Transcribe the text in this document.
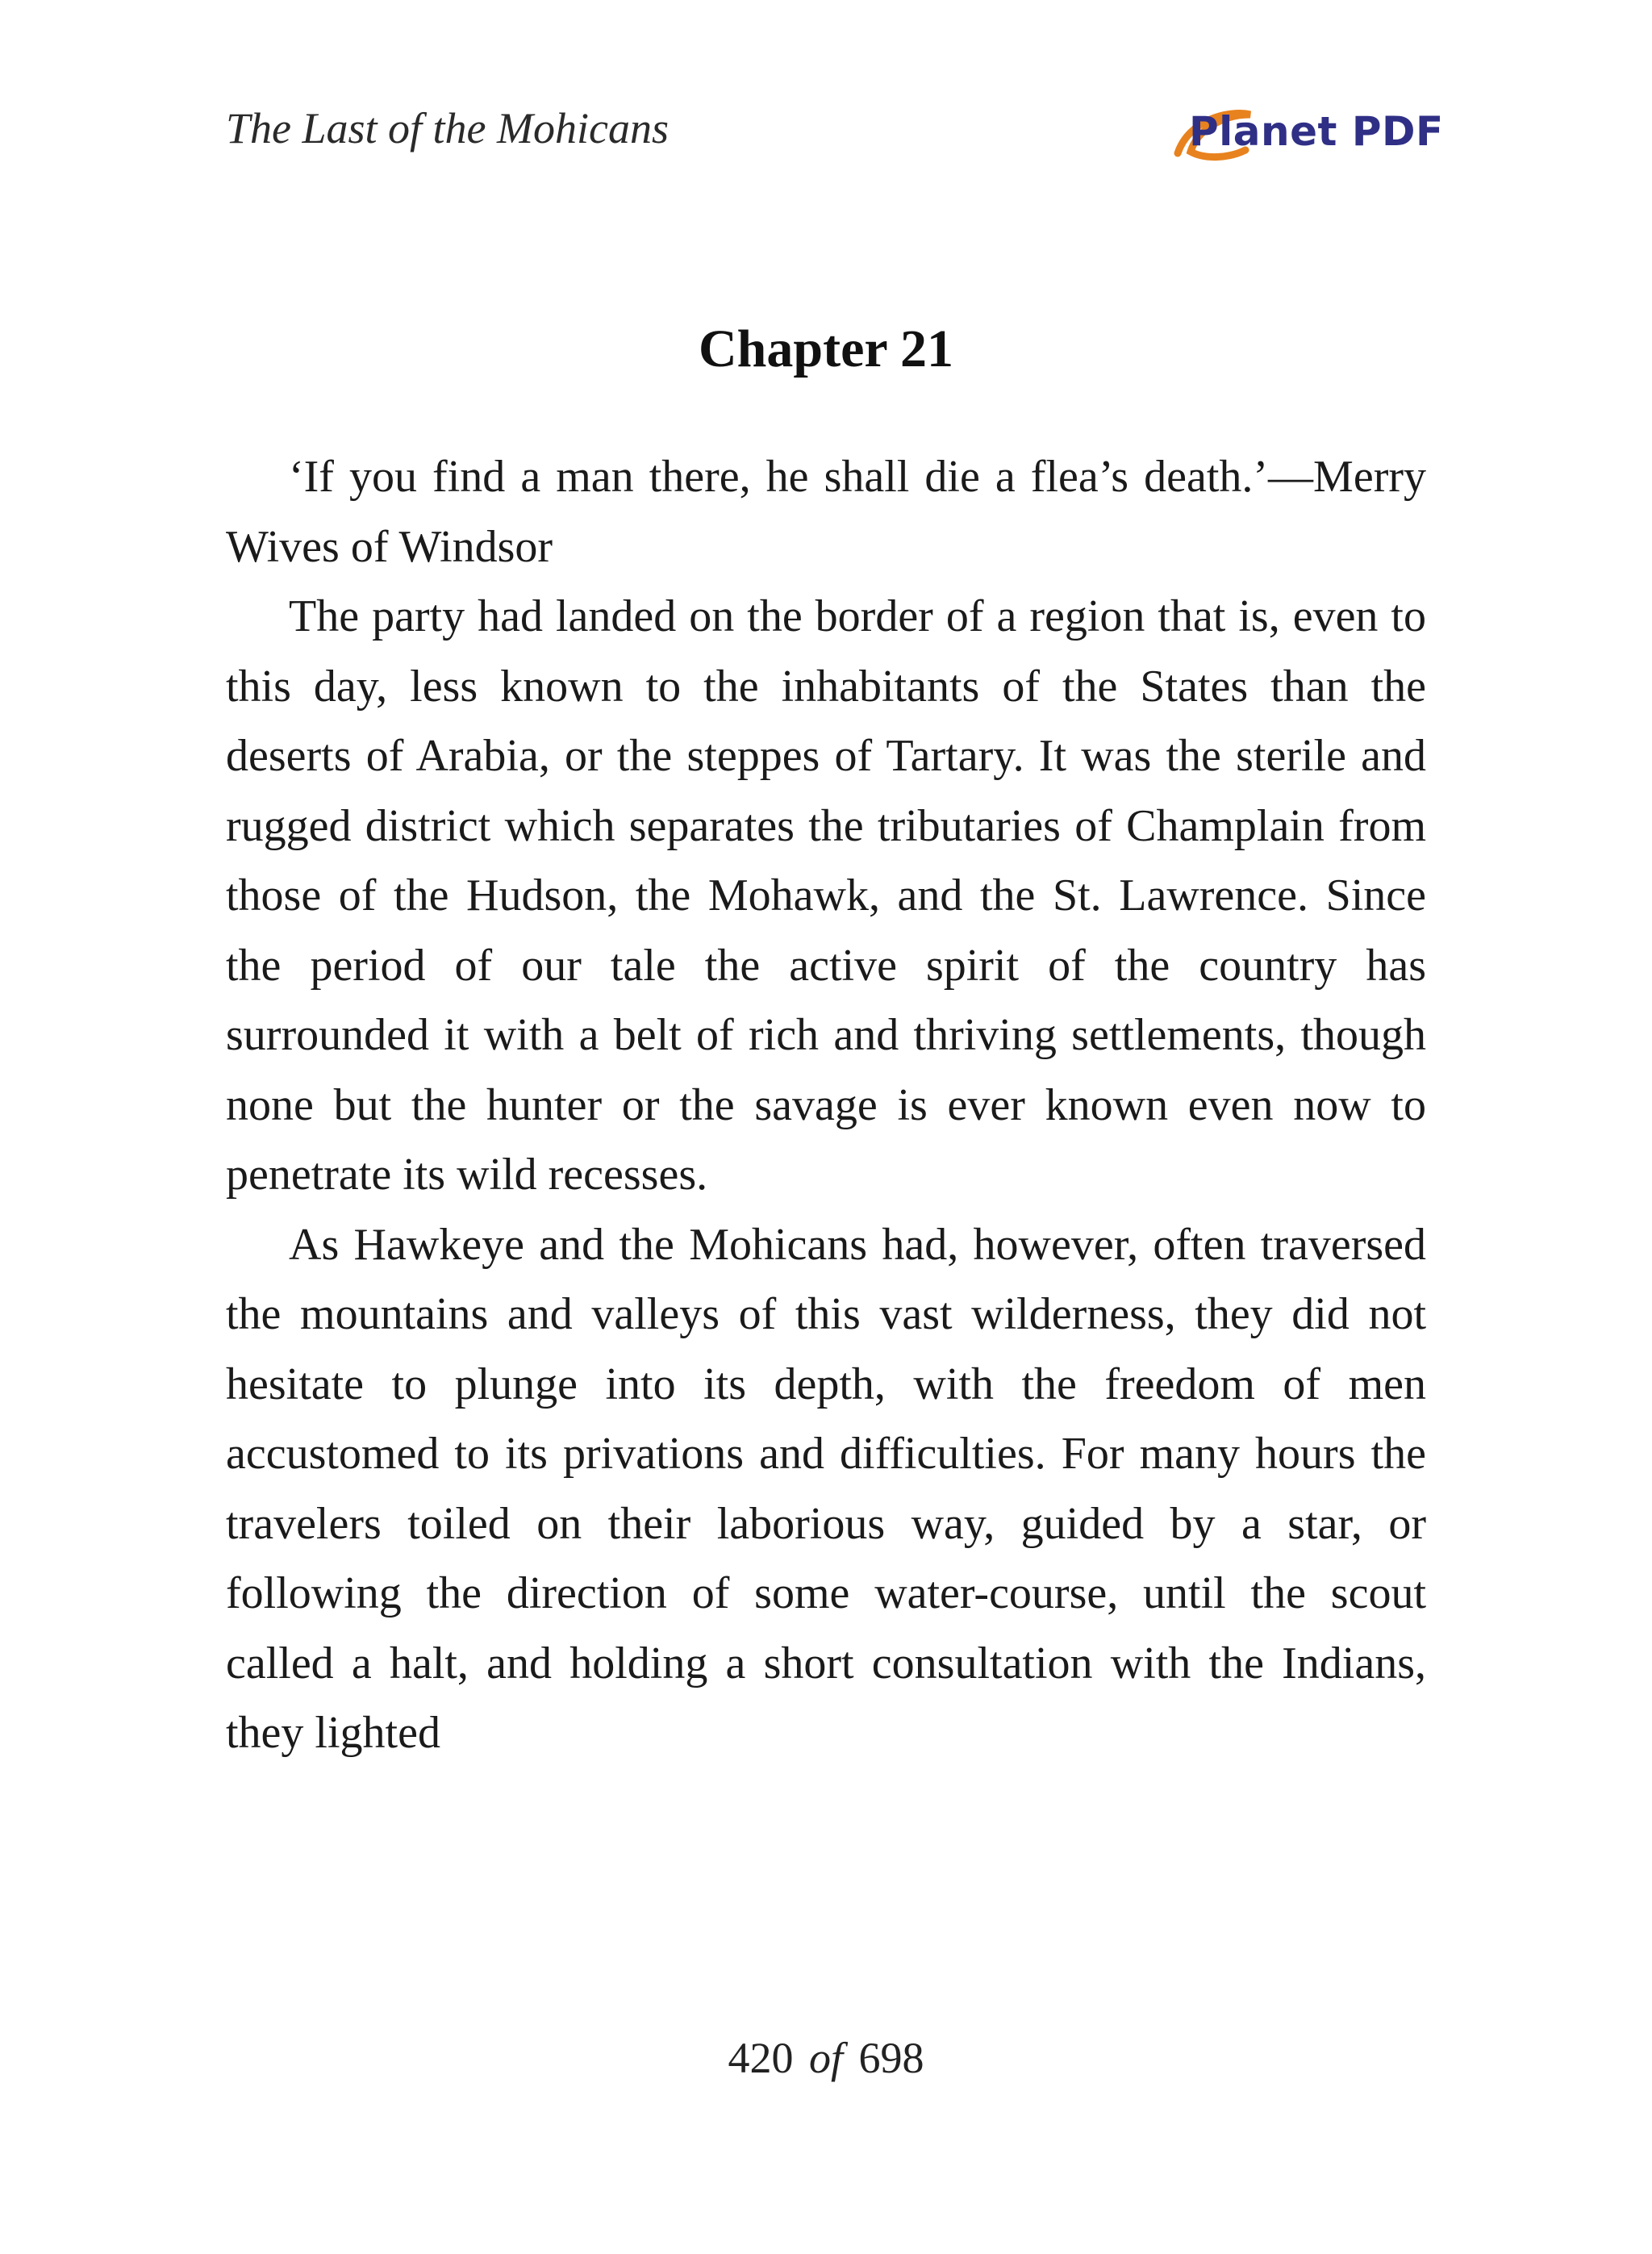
The Last of the Mohicans	Planet PDF
Chapter 21

‘If you find a man there, he shall die a flea’s death.’—Merry Wives of Windsor

The party had landed on the border of a region that is, even to this day, less known to the inhabitants of the States than the deserts of Arabia, or the steppes of Tartary. It was the sterile and rugged district which separates the tributaries of Champlain from those of the Hudson, the Mohawk, and the St. Lawrence. Since the period of our tale the active spirit of the country has surrounded it with a belt of rich and thriving settlements, though none but the hunter or the savage is ever known even now to penetrate its wild recesses.

As Hawkeye and the Mohicans had, however, often traversed the mountains and valleys of this vast wilderness, they did not hesitate to plunge into its depth, with the freedom of men accustomed to its privations and difficulties. For many hours the travelers toiled on their laborious way, guided by a star, or following the direction of some water-course, until the scout called a halt, and holding a short consultation with the Indians, they lighted

420 of 698
